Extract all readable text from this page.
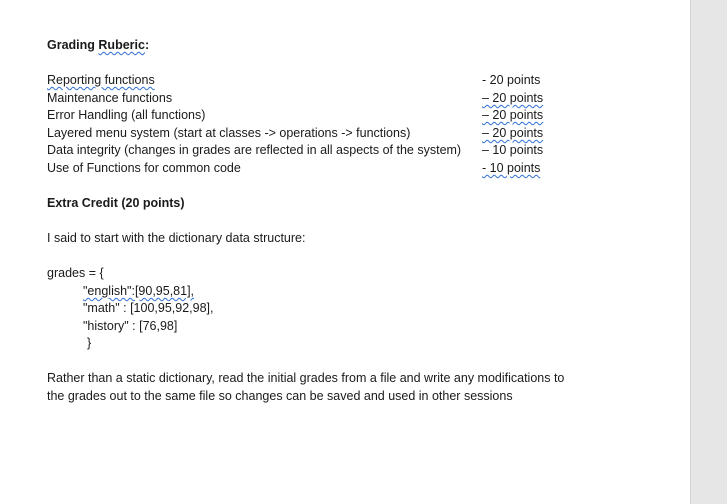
Grading Ruberic:
Reporting functions	- 20 points
Maintenance functions	– 20 points
Error Handling (all functions)	– 20 points
Layered menu system (start at classes -> operations -> functions)	– 20 points
Data integrity (changes in grades are reflected in all aspects of the system) – 10 points
Use of Functions for common code	- 10 points
Extra Credit (20 points)
I said to start with the dictionary data structure:
grades = {
"english":[90,95,81],
"math" : [100,95,92,98],
"history" : [76,98]
}
Rather than a static dictionary, read the initial grades from a file and write any modifications to
the grades out to the same file so changes can be saved and used in other sessions
